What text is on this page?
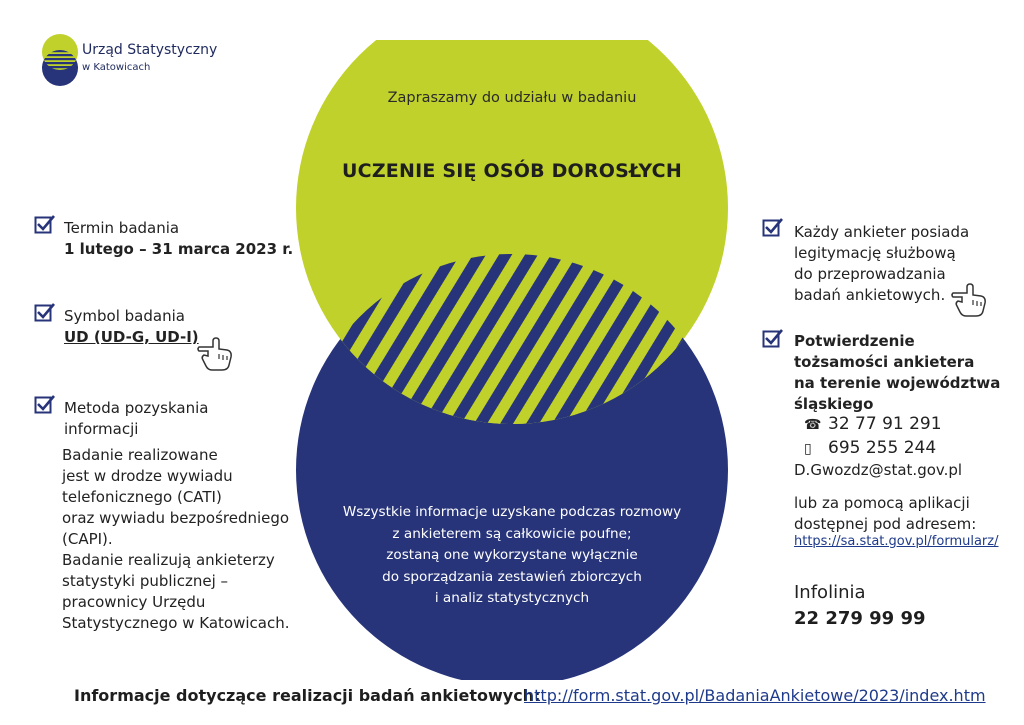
Urząd Statystyczny
w Katowicach
Zapraszamy do udziału w badaniu
UCZENIE SIĘ OSÓB DOROSŁYCH
Wszystkie informacje uzyskane podczas rozmowy
z ankieterem są całkowicie poufne;
zostaną one wykorzystane wyłącznie
do sporządzania zestawień zbiorczych
i analiz statystycznych
Termin badania
1 lutego – 31 marca 2023 r.
Symbol badania
UD (UD-G, UD-I)
Metoda pozyskania
informacji
Badanie realizowane
jest w drodze wywiadu
telefonicznego (CATI)
oraz wywiadu bezpośredniego
(CAPI).
Badanie realizują ankieterzy
statystyki publicznej –
pracownicy Urzędu
Statystycznego w Katowicach.
Każdy ankieter posiada
legitymację służbową
do przeprowadzania
badań ankietowych.
Potwierdzenie
tożsamości ankietera
na terenie województwa
śląskiego
☎ 32 77 91 291
▯ 695 255 244
D.Gwozdz@stat.gov.pl
lub za pomocą aplikacji
dostępnej pod adresem:
https://sa.stat.gov.pl/formularz/
Infolinia
22 279 99 99
Informacje dotyczące realizacji badań ankietowych:
http://form.stat.gov.pl/BadaniaAnkietowe/2023/index.htm
